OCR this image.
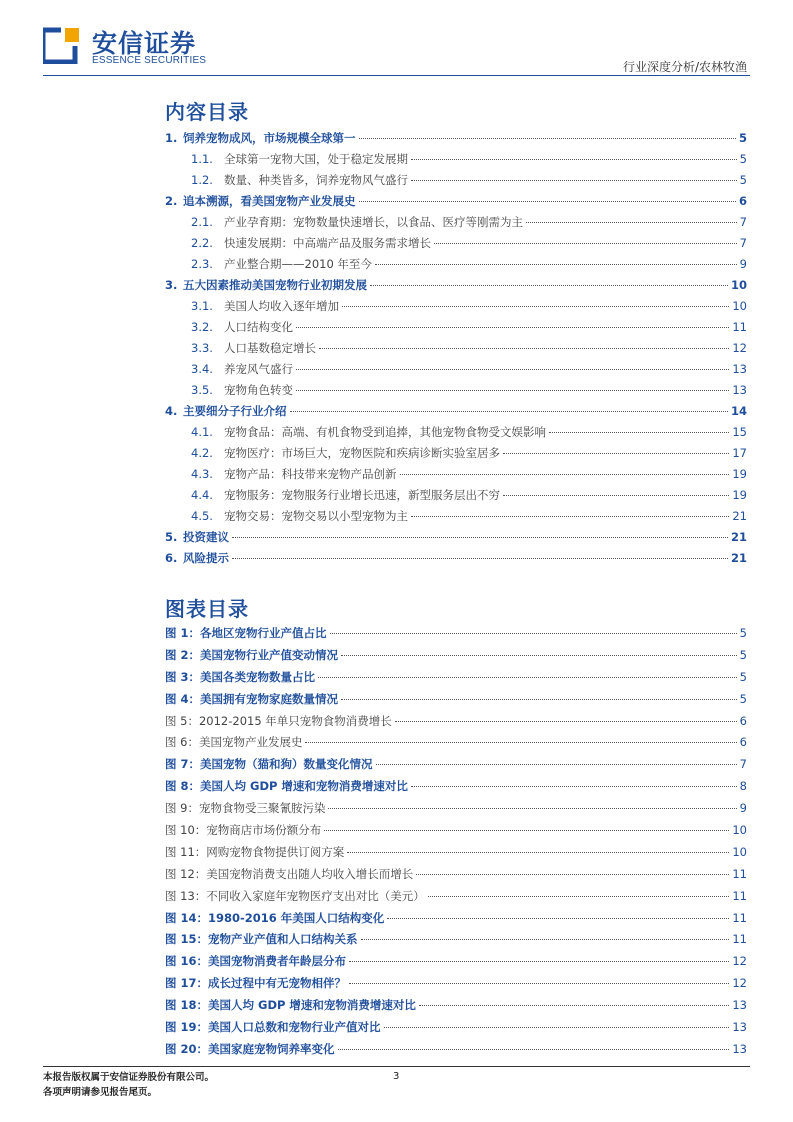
安信证券
ESSENCE SECURITIES	行业深度分析/农林牧渔
内容目录
1. 饲养宠物成风，市场规模全球第一	5
1.1. 全球第一宠物大国，处于稳定发展期	5
1.2. 数量、种类皆多，饲养宠物风气盛行	5
2. 追本溯源，看美国宠物产业发展史	6
2.1. 产业孕育期：宠物数量快速增长，以食品、医疗等刚需为主	7
2.2. 快速发展期：中高端产品及服务需求增长	7
2.3. 产业整合期——2010 年至今	9
3. 五大因素推动美国宠物行业初期发展	10
3.1. 美国人均收入逐年增加	10
3.2. 人口结构变化	11
3.3. 人口基数稳定增长	12
3.4. 养宠风气盛行	13
3.5. 宠物角色转变	13
4. 主要细分子行业介绍	14
4.1. 宠物食品：高端、有机食物受到追捧，其他宠物食物受文娱影响	15
4.2. 宠物医疗：市场巨大，宠物医院和疾病诊断实验室居多	17
4.3. 宠物产品：科技带来宠物产品创新	19
4.4. 宠物服务：宠物服务行业增长迅速，新型服务层出不穷	19
4.5. 宠物交易：宠物交易以小型宠物为主	21
5. 投资建议	21
6. 风险提示	21
图表目录
图 1：各地区宠物行业产值占比	5
图 2：美国宠物行业产值变动情况	5
图 3：美国各类宠物数量占比	5
图 4：美国拥有宠物家庭数量情况	5
图 5：2012-2015 年单只宠物食物消费增长	6
图 6：美国宠物产业发展史	6
图 7：美国宠物（猫和狗）数量变化情况	7
图 8：美国人均 GDP 增速和宠物消费增速对比	8
图 9：宠物食物受三聚氰胺污染	9
图 10：宠物商店市场份额分布	10
图 11：网购宠物食物提供订阅方案	10
图 12：美国宠物消费支出随人均收入增长而增长	11
图 13：不同收入家庭年宠物医疗支出对比（美元）	11
图 14：1980-2016 年美国人口结构变化	11
图 15：宠物产业产值和人口结构关系	11
图 16：美国宠物消费者年龄层分布	12
图 17：成长过程中有无宠物相伴？	12
图 18：美国人均 GDP 增速和宠物消费增速对比	13
图 19：美国人口总数和宠物行业产值对比	13
图 20：美国家庭宠物饲养率变化	13
本报告版权属于安信证券股份有限公司。
各项声明请参见报告尾页。
3
